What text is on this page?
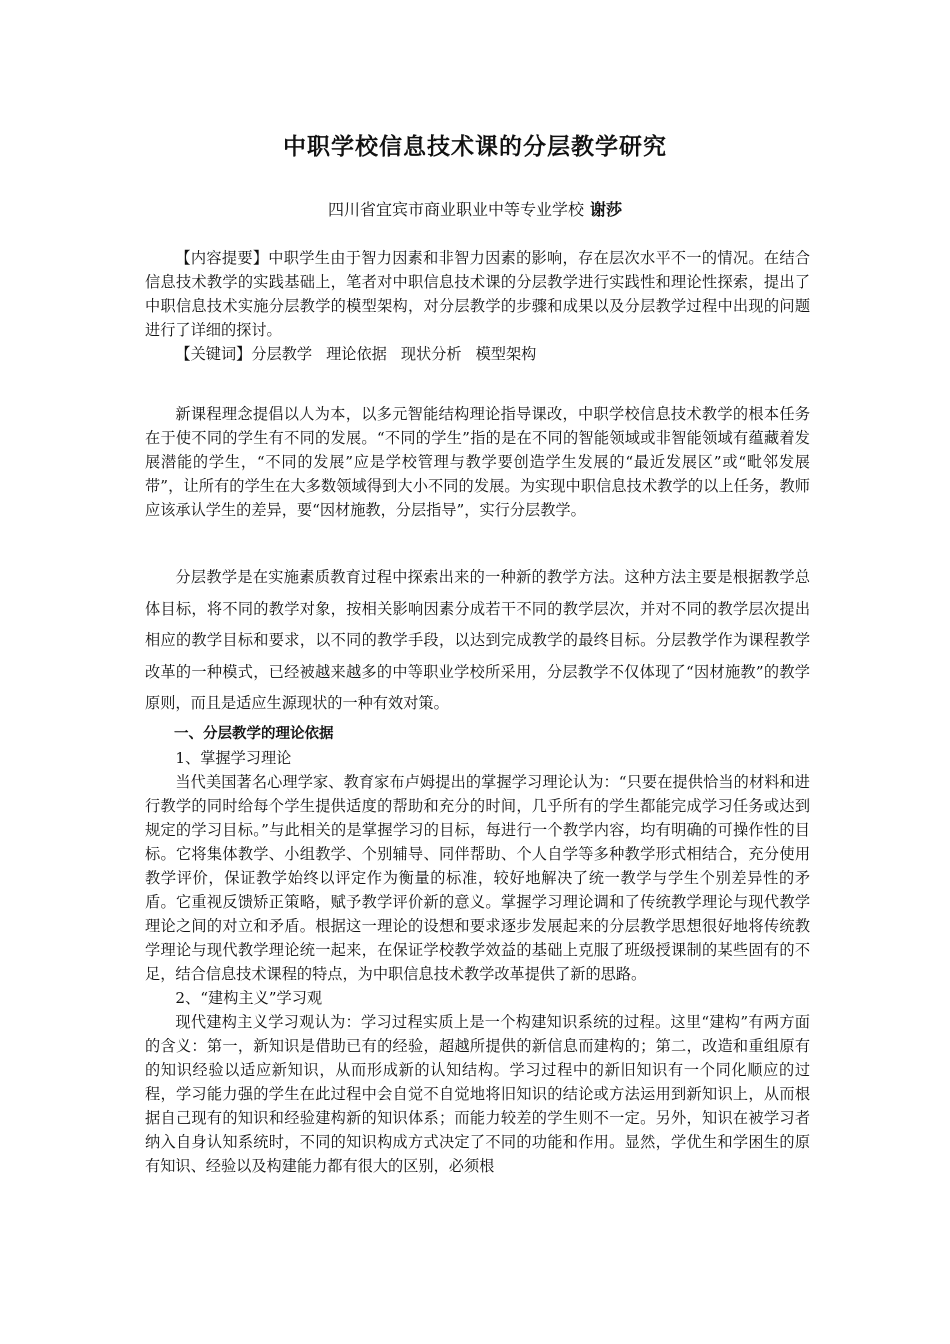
中职学校信息技术课的分层教学研究
四川省宜宾市商业职业中等专业学校 谢莎

【内容提要】中职学生由于智力因素和非智力因素的影响，存在层次水平不一的情况。在结合信息技术教学的实践基础上，笔者对中职信息技术课的分层教学进行实践性和理论性探索，提出了中职信息技术实施分层教学的模型架构，对分层教学的步骤和成果以及分层教学过程中出现的问题进行了详细的探讨。

【关键词】分层教学 理论依据 现状分析 模型架构

新课程理念提倡以人为本，以多元智能结构理论指导课改，中职学校信息技术教学的根本任务在于使不同的学生有不同的发展。“不同的学生”指的是在不同的智能领域或非智能领域有蕴藏着发展潜能的学生，“不同的发展”应是学校管理与教学要创造学生发展的“最近发展区”或“毗邻发展带”，让所有的学生在大多数领域得到大小不同的发展。为实现中职信息技术教学的以上任务，教师应该承认学生的差异，要“因材施教，分层指导”，实行分层教学。

分层教学是在实施素质教育过程中探索出来的一种新的教学方法。这种方法主要是根据教学总体目标，将不同的教学对象，按相关影响因素分成若干不同的教学层次，并对不同的教学层次提出相应的教学目标和要求，以不同的教学手段，以达到完成教学的最终目标。分层教学作为课程教学改革的一种模式，已经被越来越多的中等职业学校所采用，分层教学不仅体现了“因材施教”的教学原则，而且是适应生源现状的一种有效对策。

一、分层教学的理论依据

1、掌握学习理论

当代美国著名心理学家、教育家布卢姆提出的掌握学习理论认为：“只要在提供恰当的材料和进行教学的同时给每个学生提供适度的帮助和充分的时间，几乎所有的学生都能完成学习任务或达到规定的学习目标。”与此相关的是掌握学习的目标，每进行一个教学内容，均有明确的可操作性的目标。它将集体教学、小组教学、个别辅导、同伴帮助、个人自学等多种教学形式相结合，充分使用教学评价，保证教学始终以评定作为衡量的标准，较好地解决了统一教学与学生个别差异性的矛盾。它重视反馈矫正策略，赋予教学评价新的意义。掌握学习理论调和了传统教学理论与现代教学理论之间的对立和矛盾。根据这一理论的设想和要求逐步发展起来的分层教学思想很好地将传统教学理论与现代教学理论统一起来，在保证学校教学效益的基础上克服了班级授课制的某些固有的不足，结合信息技术课程的特点，为中职信息技术教学改革提供了新的思路。

2、“建构主义”学习观

现代建构主义学习观认为：学习过程实质上是一个构建知识系统的过程。这里“建构”有两方面的含义：第一，新知识是借助已有的经验，超越所提供的新信息而建构的；第二，改造和重组原有的知识经验以适应新知识，从而形成新的认知结构。学习过程中的新旧知识有一个同化顺应的过程，学习能力强的学生在此过程中会自觉不自觉地将旧知识的结论或方法运用到新知识上，从而根据自己现有的知识和经验建构新的知识体系；而能力较差的学生则不一定。另外，知识在被学习者纳入自身认知系统时，不同的知识构成方式决定了不同的功能和作用。显然，学优生和学困生的原有知识、经验以及构建能力都有很大的区别，必须根
